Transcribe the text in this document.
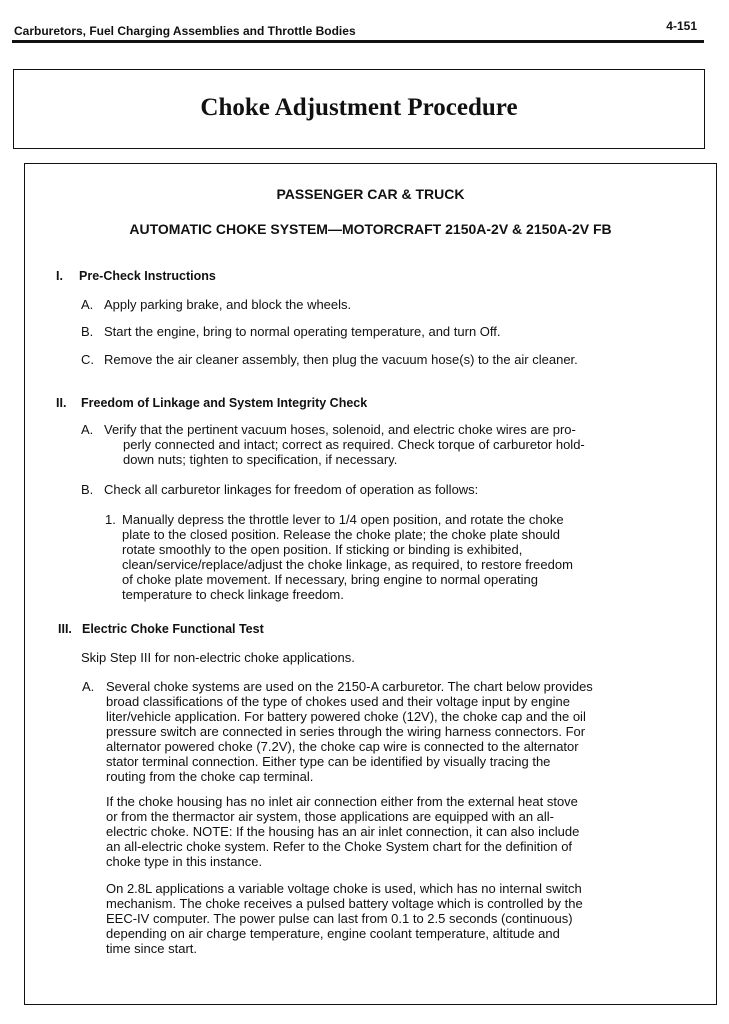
Carburetors, Fuel Charging Assemblies and Throttle Bodies	4-151
Choke Adjustment Procedure
PASSENGER CAR & TRUCK
AUTOMATIC CHOKE SYSTEM—MOTORCRAFT 2150A-2V & 2150A-2V FB
I. Pre-Check Instructions
A. Apply parking brake, and block the wheels.
B. Start the engine, bring to normal operating temperature, and turn Off.
C. Remove the air cleaner assembly, then plug the vacuum hose(s) to the air cleaner.
II. Freedom of Linkage and System Integrity Check
A. Verify that the pertinent vacuum hoses, solenoid, and electric choke wires are pro-
perly connected and intact; correct as required. Check torque of carburetor hold-
down nuts; tighten to specification, if necessary.
B. Check all carburetor linkages for freedom of operation as follows:
1. Manually depress the throttle lever to 1/4 open position, and rotate the choke
plate to the closed position. Release the choke plate; the choke plate should
rotate smoothly to the open position. If sticking or binding is exhibited,
clean/service/replace/adjust the choke linkage, as required, to restore freedom
of choke plate movement. If necessary, bring engine to normal operating
temperature to check linkage freedom.
III. Electric Choke Functional Test
Skip Step III for non-electric choke applications.
A. Several choke systems are used on the 2150-A carburetor. The chart below provides
broad classifications of the type of chokes used and their voltage input by engine
liter/vehicle application. For battery powered choke (12V), the choke cap and the oil
pressure switch are connected in series through the wiring harness connectors. For
alternator powered choke (7.2V), the choke cap wire is connected to the alternator
stator terminal connection. Either type can be identified by visually tracing the
routing from the choke cap terminal.
If the choke housing has no inlet air connection either from the external heat stove
or from the thermactor air system, those applications are equipped with an all-
electric choke. NOTE: If the housing has an air inlet connection, it can also include
an all-electric choke system. Refer to the Choke System chart for the definition of
choke type in this instance.
On 2.8L applications a variable voltage choke is used, which has no internal switch
mechanism. The choke receives a pulsed battery voltage which is controlled by the
EEC-IV computer. The power pulse can last from 0.1 to 2.5 seconds (continuous)
depending on air charge temperature, engine coolant temperature, altitude and
time since start.
